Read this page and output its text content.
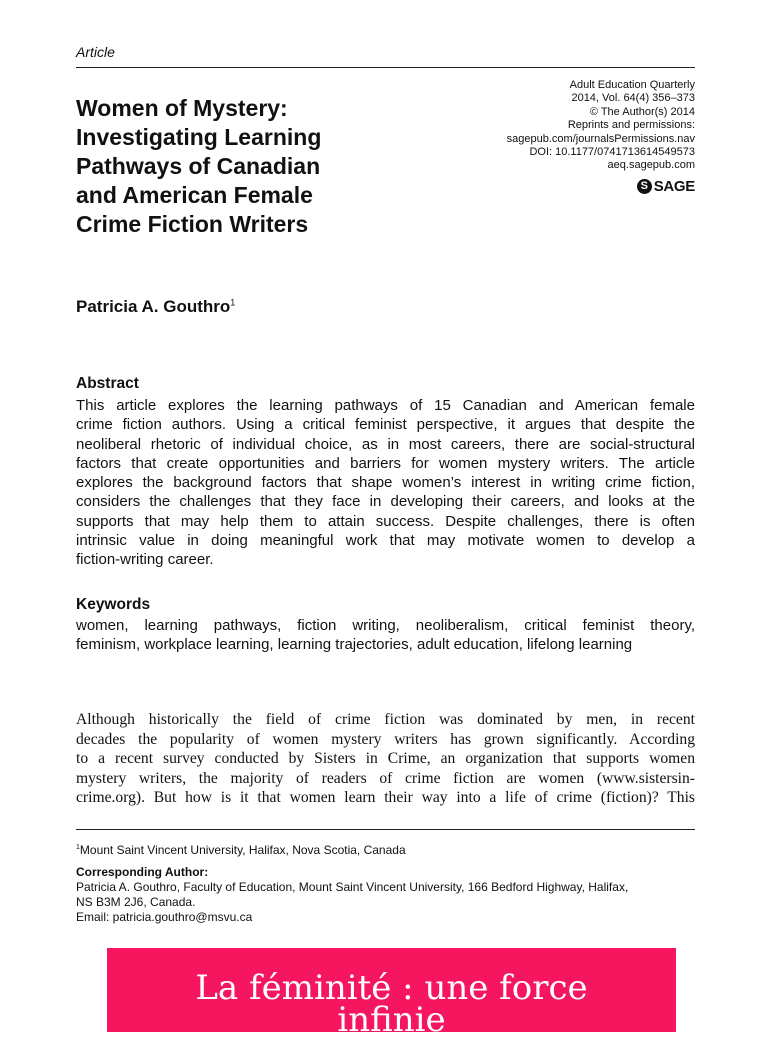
Article
Women of Mystery:
Investigating Learning
Pathways of Canadian
and American Female
Crime Fiction Writers
Adult Education Quarterly
2014, Vol. 64(4) 356–373
© The Author(s) 2014
Reprints and permissions:
sagepub.com/journalsPermissions.nav
DOI: 10.1177/0741713614549573
aeq.sagepub.com
S SAGE
Patricia A. Gouthro$^1$
Abstract
This article explores the learning pathways of 15 Canadian and American female
crime fiction authors. Using a critical feminist perspective, it argues that despite the
neoliberal rhetoric of individual choice, as in most careers, there are social-structural
factors that create opportunities and barriers for women mystery writers. The article
explores the background factors that shape women’s interest in writing crime fiction,
considers the challenges that they face in developing their careers, and looks at the
supports that may help them to attain success. Despite challenges, there is often
intrinsic value in doing meaningful work that may motivate women to develop a
fiction-writing career.
Keywords
women, learning pathways, fiction writing, neoliberalism, critical feminist theory,
feminism, workplace learning, learning trajectories, adult education, lifelong learning
Although historically the field of crime fiction was dominated by men, in recent
decades the popularity of women mystery writers has grown significantly. According
to a recent survey conducted by Sisters in Crime, an organization that supports women
mystery writers, the majority of readers of crime fiction are women (www.sistersin-
crime.org). But how is it that women learn their way into a life of crime (fiction)? This
$^1$Mount Saint Vincent University, Halifax, Nova Scotia, Canada
Corresponding Author:
Patricia A. Gouthro, Faculty of Education, Mount Saint Vincent University, 166 Bedford Highway, Halifax,
NS B3M 2J6, Canada.
Email: patricia.gouthro@msvu.ca
La féminité : une force
infinie
